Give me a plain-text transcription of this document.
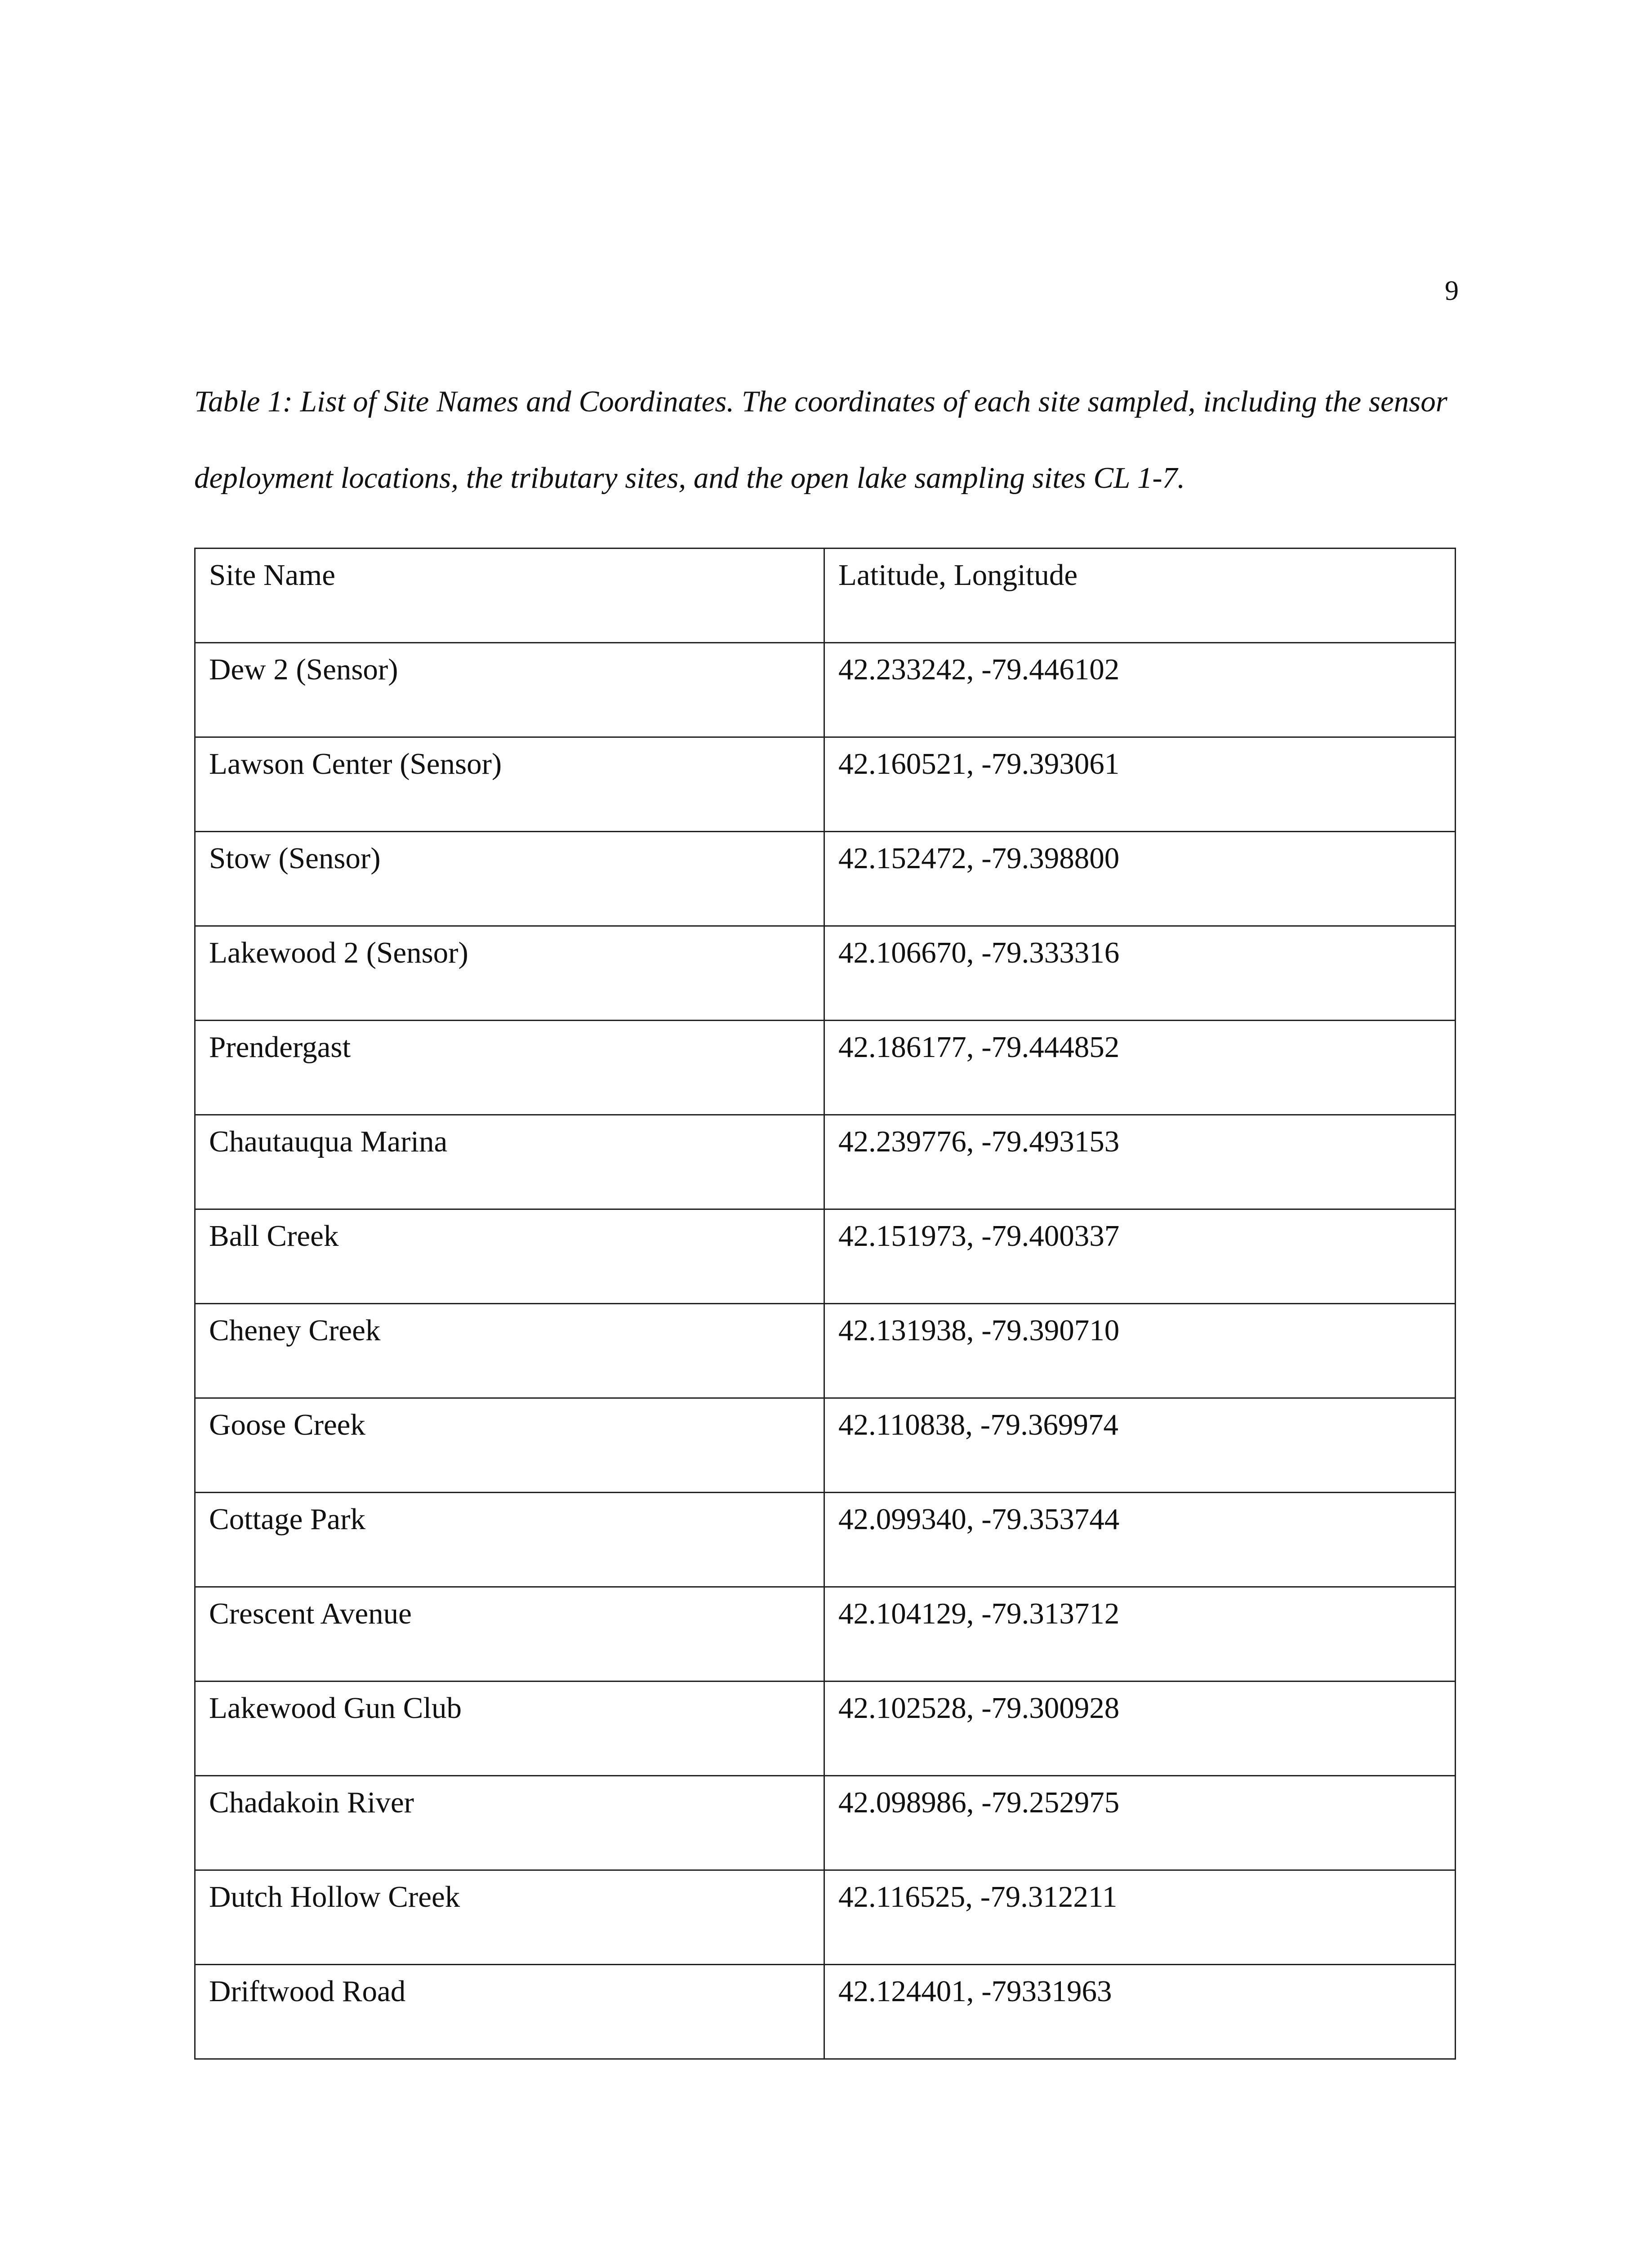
9

Table 1: List of Site Names and Coordinates. The coordinates of each site sampled, including the sensor deployment locations, the tributary sites, and the open lake sampling sites CL 1-7.

Site Name	Latitude, Longitude
Dew 2 (Sensor)	42.233242, -79.446102
Lawson Center (Sensor)	42.160521, -79.393061
Stow (Sensor)	42.152472, -79.398800
Lakewood 2 (Sensor)	42.106670, -79.333316
Prendergast	42.186177, -79.444852
Chautauqua Marina	42.239776, -79.493153
Ball Creek	42.151973, -79.400337
Cheney Creek	42.131938, -79.390710
Goose Creek	42.110838, -79.369974
Cottage Park	42.099340, -79.353744
Crescent Avenue	42.104129, -79.313712
Lakewood Gun Club	42.102528, -79.300928
Chadakoin River	42.098986, -79.252975
Dutch Hollow Creek	42.116525, -79.312211
Driftwood Road	42.124401, -79331963
